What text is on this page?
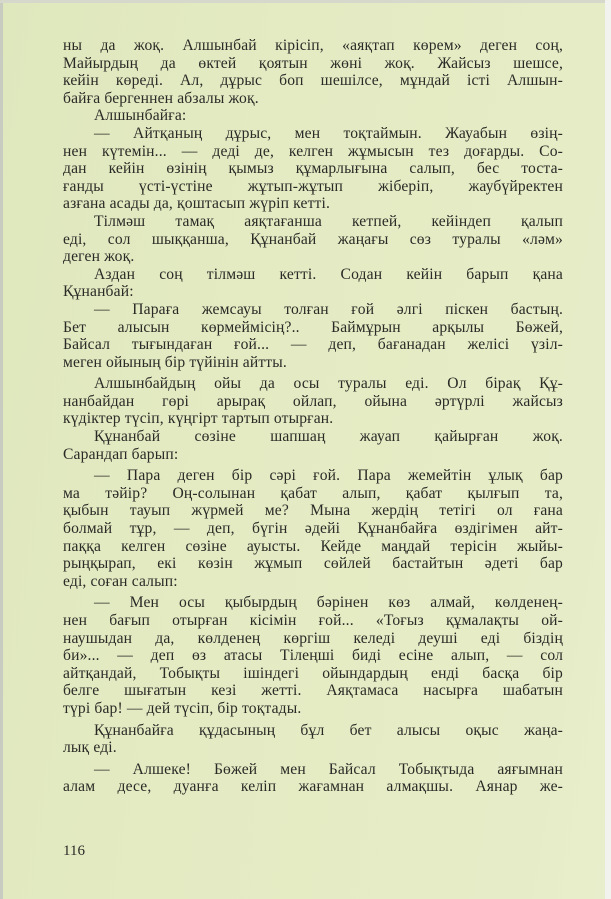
ны да жоқ. Алшынбай кірісіп, «аяқтап көрем» деген соң,
Майырдың да өктей қоятын жөні жоқ. Жайсыз шешсе,
кейін көреді. Ал, дұрыс боп шешілсе, мұндай істі Алшын-
байға бергеннен абзалы жоқ.
Алшынбайға:
— Айтқаның дұрыс, мен тоқтаймын. Жауабын өзің-
нен күтемін... — деді де, келген жұмысын тез доғарды. Со-
дан кейін өзінің қымыз құмарлығына салып, бес тоста-
ғанды үсті-үстіне жұтып-жұтып жіберіп, жаубүйректен
азғана асады да, қоштасып жүріп кетті.
Тілмәш тамақ аяқтағанша кетпей, кейіндеп қалып
еді, сол шыққанша, Құнанбай жаңағы сөз туралы «ләм»
деген жоқ.
Аздан соң тілмәш кетті. Содан кейін барып қана
Құнанбай:
— Параға жемсауы толған ғой әлгі піскен бастың.
Бет алысын көрмеймісің?.. Баймұрын арқылы Бөжей,
Байсал тығындаған ғой... — деп, бағанадан желісі үзіл-
меген ойының бір түйінін айтты.
Алшынбайдың ойы да осы туралы еді. Ол бірақ Құ-
нанбайдан гөрі арырақ ойлап, ойына әртүрлі жайсыз
күдіктер түсіп, күңгірт тартып отырған.
Құнанбай сөзіне шапшаң жауап қайырған жоқ.
Сарандап барып:
— Пара деген бір сәрі ғой. Пара жемейтін ұлық бар
ма тәйір? Оң-солынан қабат алып, қабат қылғып та,
қыбын тауып жүрмей ме? Мына жердің тетігі ол ғана
болмай тұр, — деп, бүгін әдейі Құнанбайға өздігімен айт-
паққа келген сөзіне ауысты. Кейде маңдай терісін жыйы-
рыңқырап, екі көзін жұмып сөйлей бастайтын әдеті бар
еді, соған салып:
— Мен осы қыбырдың бәрінен көз алмай, көлденең-
нен бағып отырған кісімін ғой... «Тоғыз құмалақты ой-
наушыдан да, көлденең көргіш келеді деуші еді біздің
би»... — деп өз атасы Тілеңші биді есіне алып, — сол
айтқандай, Тобықты ішіндегі ойындардың енді басқа бір
белге шығатын кезі жетті. Аяқтамаса насырға шабатын
түрі бар! — дей түсіп, бір тоқтады.
Құнанбайға құдасының бұл бет алысы оқыс жаңа-
лық еді.
— Алшеке! Бөжей мен Байсал Тобықтыда аяғымнан
алам десе, дуанға келіп жағамнан алмақшы. Аянар же-
116
